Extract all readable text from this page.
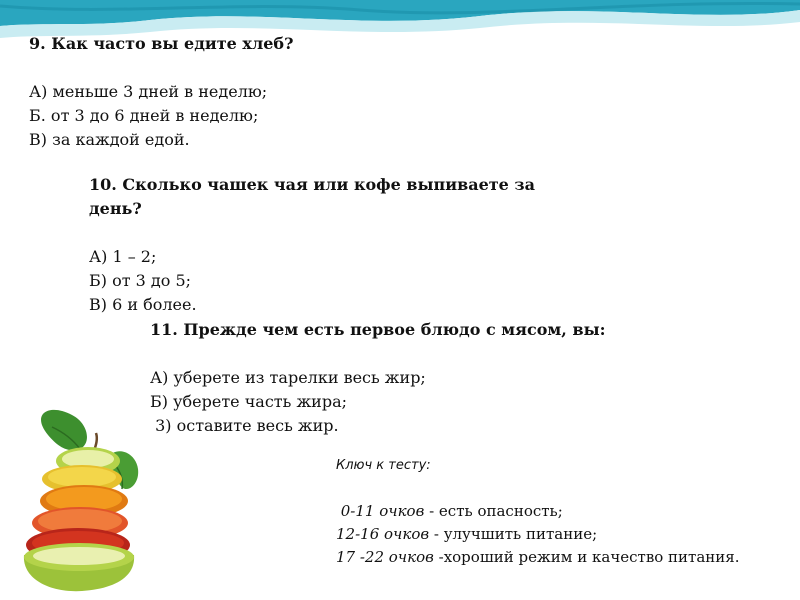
9. Как часто вы едите хлеб?
А) меньше 3 дней в неделю;
Б. от 3 до 6 дней в неделю;
В) за каждой едой.
10. Сколько чашек чая или кофе выпиваете за
день?
А) 1 – 2;
Б) от 3 до 5;
В) 6 и более.
11. Прежде чем есть первое блюдо с мясом, вы:
А) уберете из тарелки весь жир;
Б) уберете часть жира;
3) оставите весь жир.
Ключ к тесту:
0-11 очков - есть опасность;
12-16 очков - улучшить питание;
17 -22 очков -хороший режим и качество питания.
